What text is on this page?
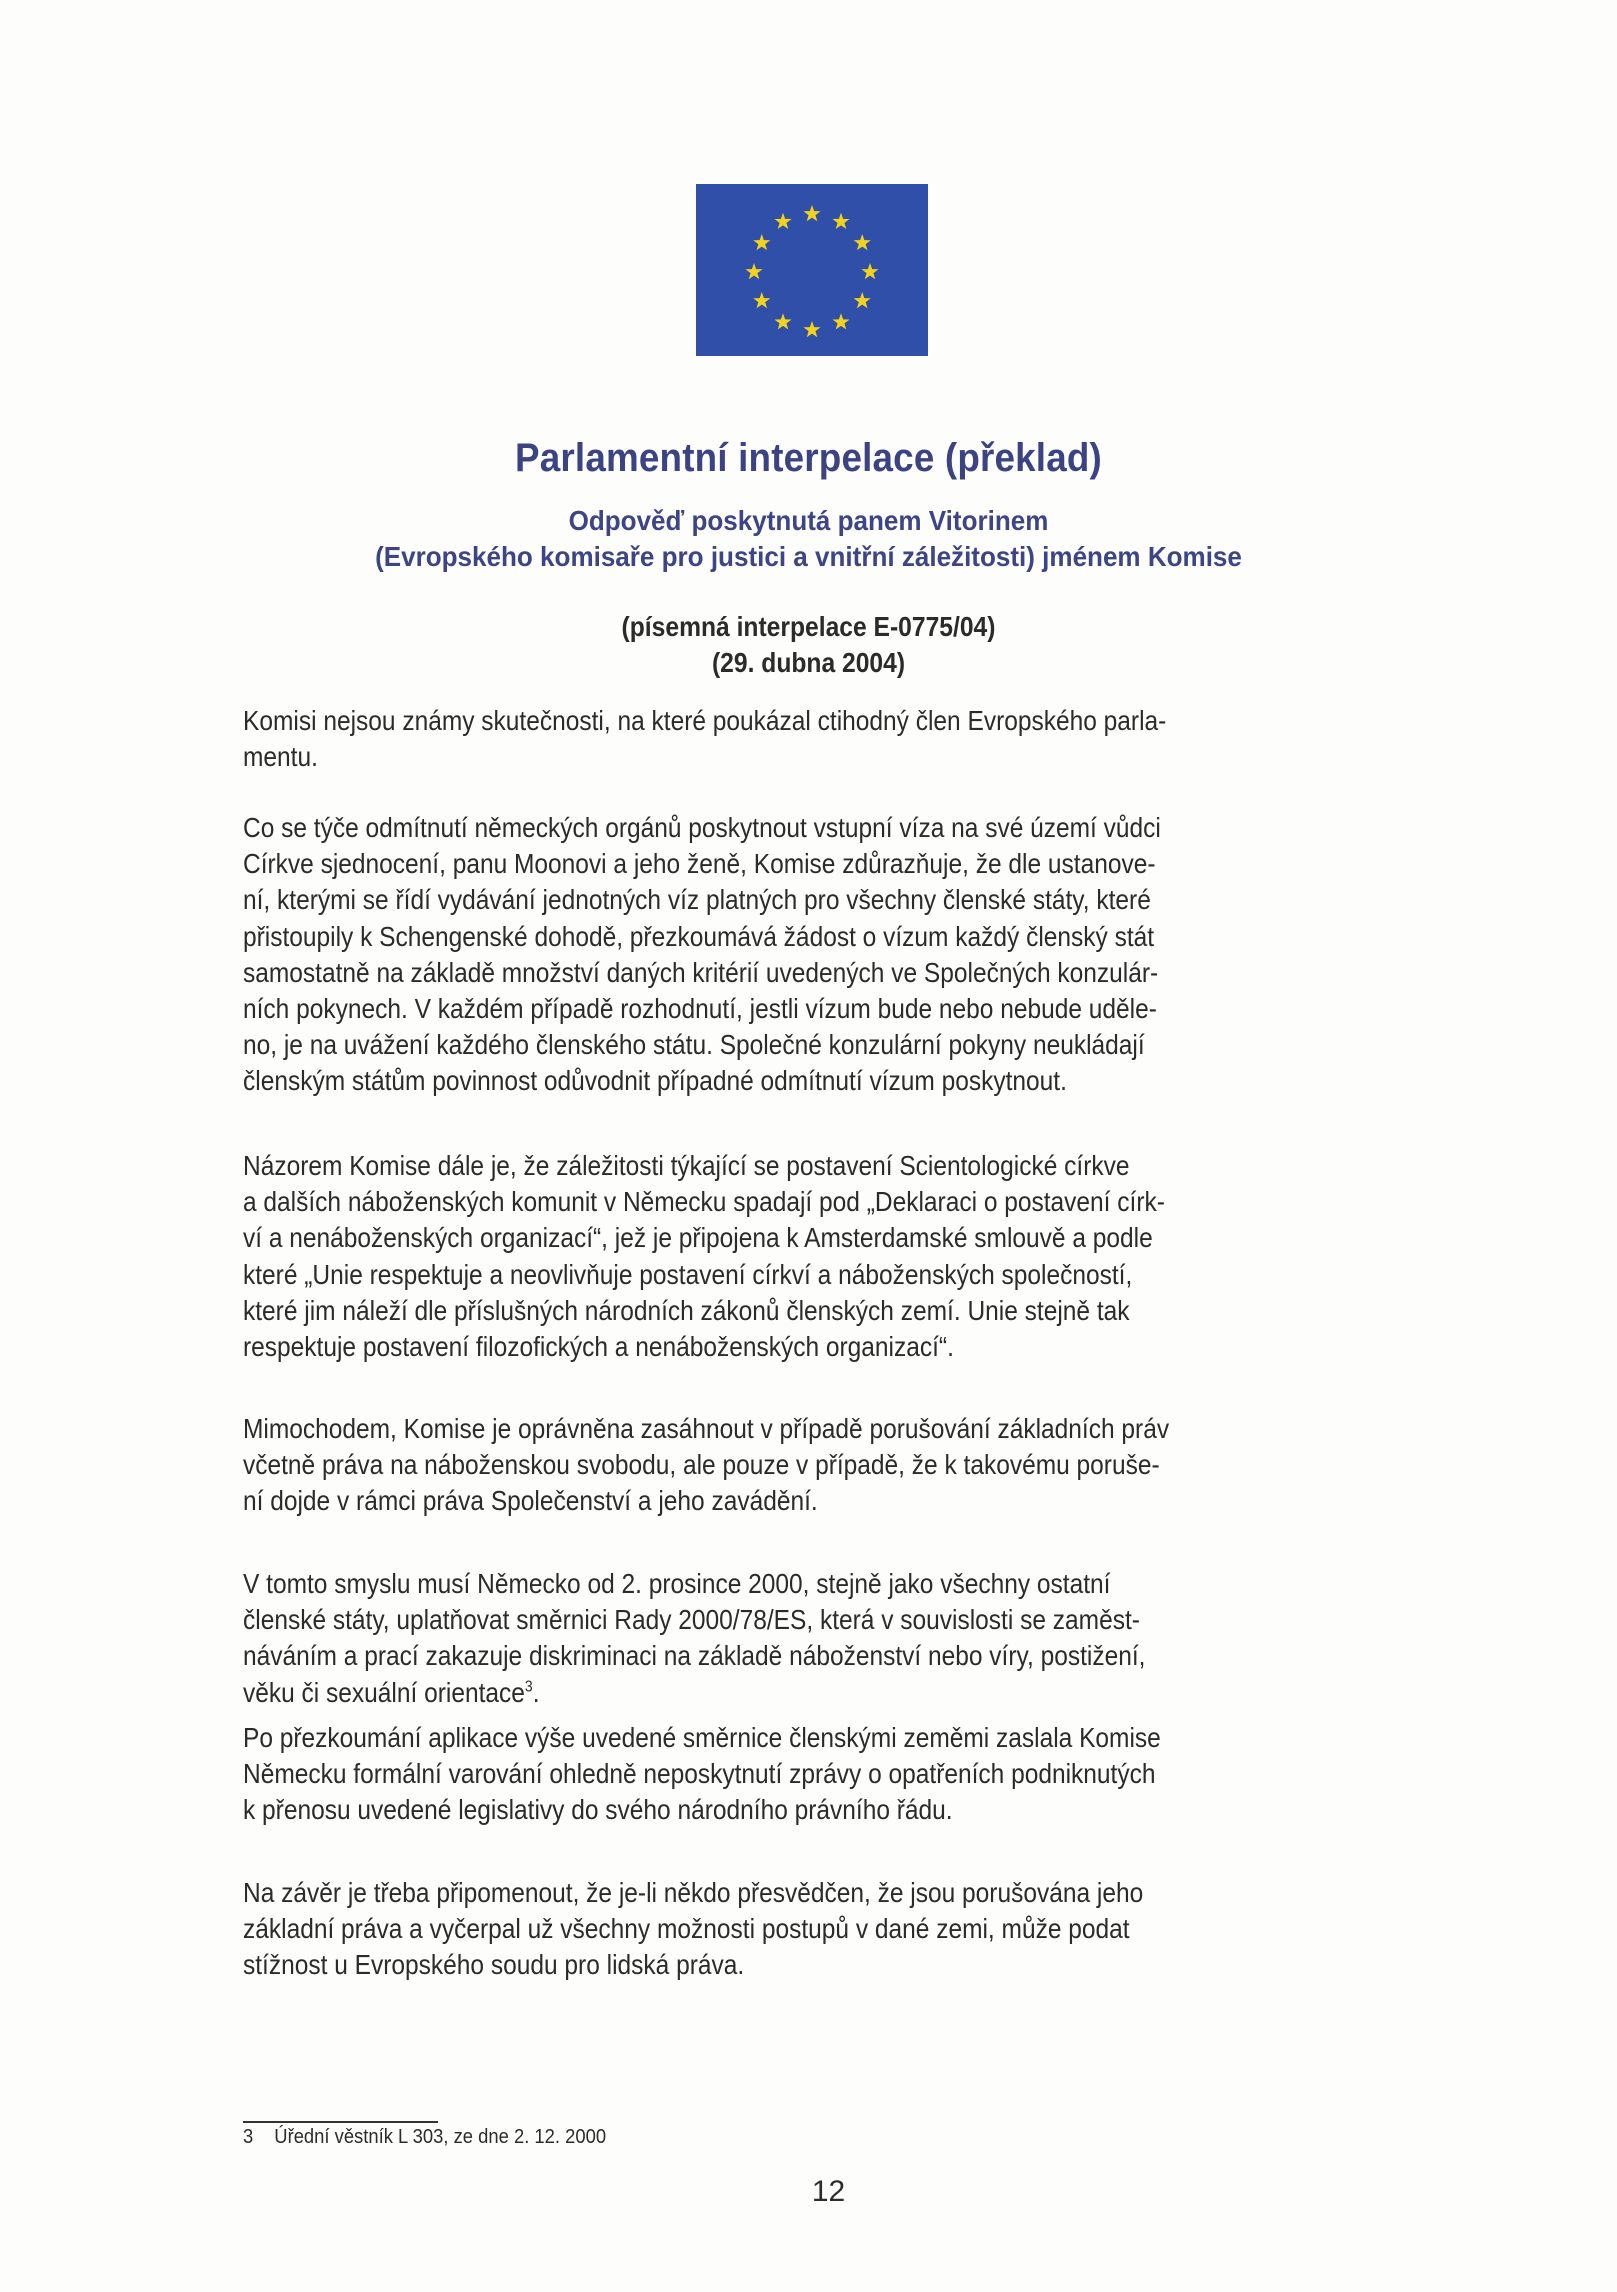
Parlamentní interpelace (překlad)
Odpověď poskytnutá panem Vitorinem
(Evropského komisaře pro justici a vnitřní záležitosti) jménem Komise
(písemná interpelace E-0775/04)
(29. dubna 2004)
Komisi nejsou známy skutečnosti, na které poukázal ctihodný člen Evropského parla-
mentu.
Co se týče odmítnutí německých orgánů poskytnout vstupní víza na své území vůdci
Církve sjednocení, panu Moonovi a jeho ženě, Komise zdůrazňuje, že dle ustanove-
ní, kterými se řídí vydávání jednotných víz platných pro všechny členské státy, které
přistoupily k Schengenské dohodě, přezkoumává žádost o vízum každý členský stát
samostatně na základě množství daných kritérií uvedených ve Společných konzulár-
ních pokynech. V každém případě rozhodnutí, jestli vízum bude nebo nebude uděle-
no, je na uvážení každého členského státu. Společné konzulární pokyny neukládají
členským státům povinnost odůvodnit případné odmítnutí vízum poskytnout.
Názorem Komise dále je, že záležitosti týkající se postavení Scientologické církve
a dalších náboženských komunit v Německu spadají pod „Deklaraci o postavení círk-
ví a nenáboženských organizací“, jež je připojena k Amsterdamské smlouvě a podle
které „Unie respektuje a neovlivňuje postavení církví a náboženských společností,
které jim náleží dle příslušných národních zákonů členských zemí. Unie stejně tak
respektuje postavení filozofických a nenáboženských organizací“.
Mimochodem, Komise je oprávněna zasáhnout v případě porušování základních práv
včetně práva na náboženskou svobodu, ale pouze v případě, že k takovému poruše-
ní dojde v rámci práva Společenství a jeho zavádění.
V tomto smyslu musí Německo od 2. prosince 2000, stejně jako všechny ostatní
členské státy, uplatňovat směrnici Rady 2000/78/ES, která v souvislosti se zaměst-
náváním a prací zakazuje diskriminaci na základě náboženství nebo víry, postižení,
věku či sexuální orientace$^3$.
Po přezkoumání aplikace výše uvedené směrnice členskými zeměmi zaslala Komise
Německu formální varování ohledně neposkytnutí zprávy o opatřeních podniknutých
k přenosu uvedené legislativy do svého národního právního řádu.
Na závěr je třeba připomenout, že je-li někdo přesvědčen, že jsou porušována jeho
základní práva a vyčerpal už všechny možnosti postupů v dané zemi, může podat
stížnost u Evropského soudu pro lidská práva.
3 Úřední věstník L 303, ze dne 2. 12. 2000
12
